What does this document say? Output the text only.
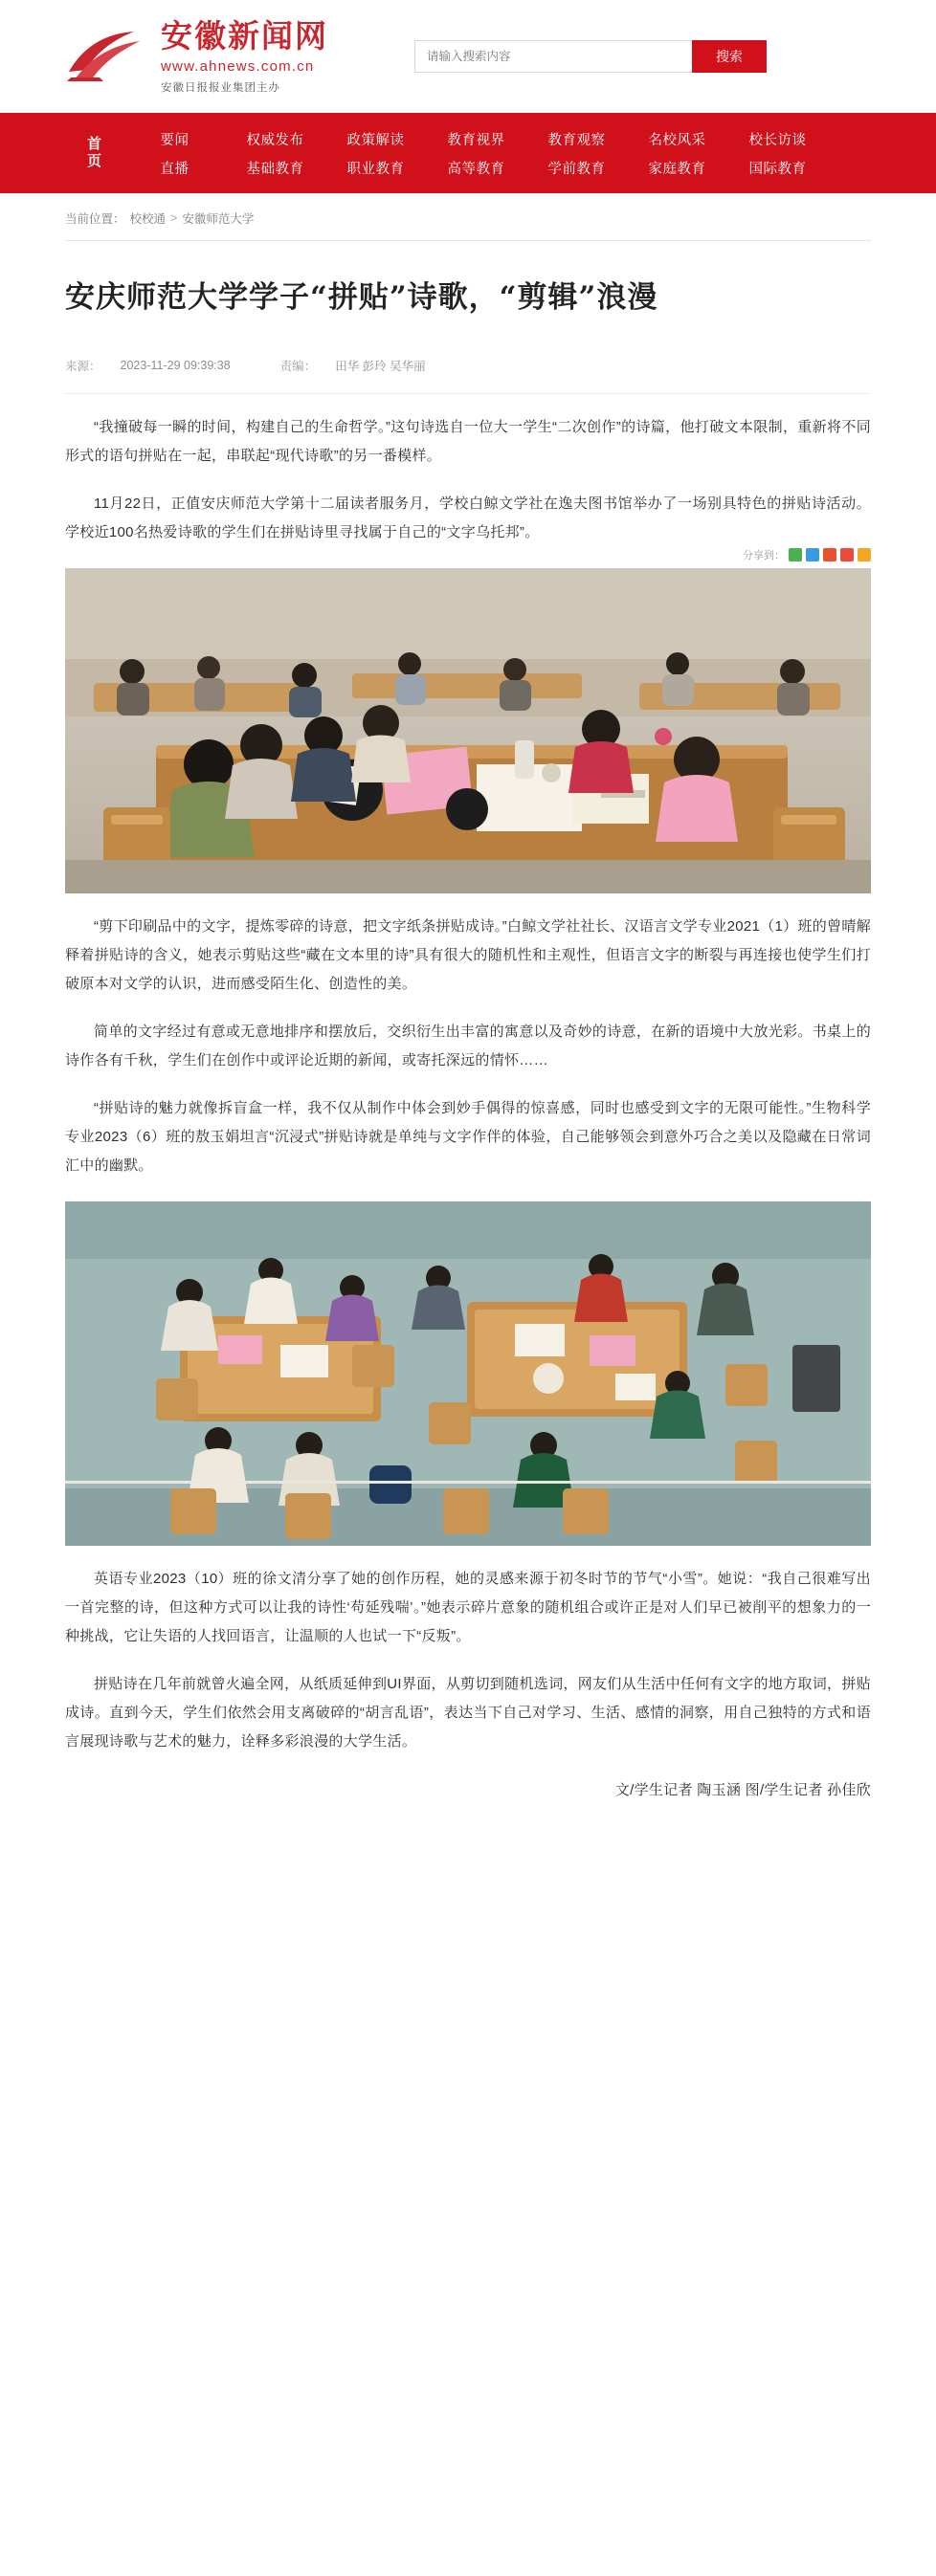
安徽新闻网
www.ahnews.com.cn
安徽日报报业集团主办
请输入搜索内容
搜索
首
页
要闻	权威发布	政策解读	教育视界	教育观察	名校风采	校长访谈
直播	基础教育	职业教育	高等教育	学前教育	家庭教育	国际教育
当前位置： 校校通 > 安徽师范大学
安庆师范大学学子“拼贴”诗歌，“剪辑”浪漫
来源： 2023-11-29 09:39:38	责编： 田华 彭玲 吴华丽

“我撞破每一瞬的时间，构建自己的生命哲学。”这句诗选自一位大一学生“二次创作”的诗篇，他打破文本限制，重新将不同形式的语句拼贴在一起，串联起“现代诗歌”的另一番模样。

11月22日，正值安庆师范大学第十二届读者服务月，学校白鲸文学社在逸夫图书馆举办了一场别具特色的拼贴诗活动。学校近100名热爱诗歌的学生们在拼贴诗里寻找属于自己的“文字乌托邦”。

分享到：

“剪下印刷品中的文字，提炼零碎的诗意，把文字纸条拼贴成诗。”白鲸文学社社长、汉语言文学专业2021（1）班的曾晴解释着拼贴诗的含义，她表示剪贴这些“藏在文本里的诗”具有很大的随机性和主观性，但语言文字的断裂与再连接也使学生们打破原本对文学的认识，进而感受陌生化、创造性的美。

简单的文字经过有意或无意地排序和摆放后，交织衍生出丰富的寓意以及奇妙的诗意，在新的语境中大放光彩。书桌上的诗作各有千秋，学生们在创作中或评论近期的新闻，或寄托深远的情怀……

“拼贴诗的魅力就像拆盲盒一样，我不仅从制作中体会到妙手偶得的惊喜感，同时也感受到文字的无限可能性。”生物科学专业2023（6）班的敖玉娟坦言“沉浸式”拼贴诗就是单纯与文字作伴的体验，自己能够领会到意外巧合之美以及隐藏在日常词汇中的幽默。

英语专业2023（10）班的徐文清分享了她的创作历程，她的灵感来源于初冬时节的节气“小雪”。她说：“我自己很难写出一首完整的诗，但这种方式可以让我的诗性‘苟延残喘’。”她表示碎片意象的随机组合或许正是对人们早已被削平的想象力的一种挑战，它让失语的人找回语言，让温顺的人也试一下“反叛”。

拼贴诗在几年前就曾火遍全网，从纸质延伸到UI界面，从剪切到随机选词，网友们从生活中任何有文字的地方取词，拼贴成诗。直到今天，学生们依然会用支离破碎的“胡言乱语”，表达当下自己对学习、生活、感情的洞察，用自己独特的方式和语言展现诗歌与艺术的魅力，诠释多彩浪漫的大学生活。

文/学生记者 陶玉涵 图/学生记者 孙佳欣
